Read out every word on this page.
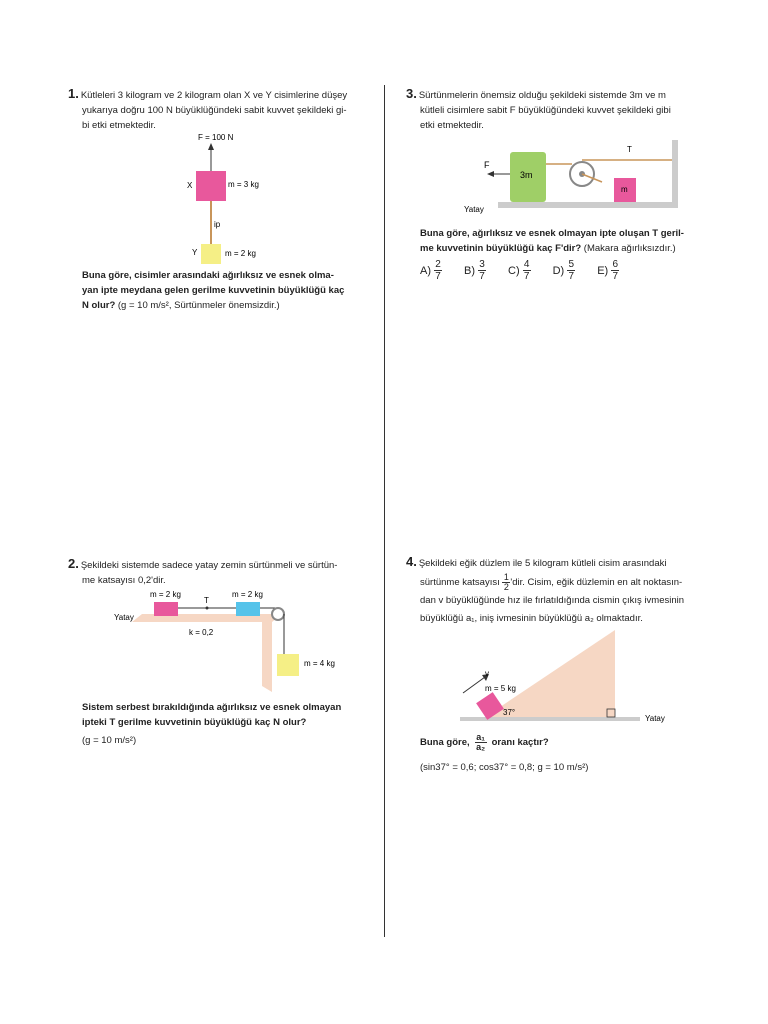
1. Kütleleri 3 kilogram ve 2 kilogram olan X ve Y cisimlerine düşey
yukarıya doğru 100 N büyüklüğündeki sabit kuvvet şekildeki gi-
bi etki etmektedir.
F = 100 N
X	m = 3 kg
ip
Y	m = 2 kg
Buna göre, cisimler arasındaki ağırlıksız ve esnek olma-
yan ipte meydana gelen gerilme kuvvetinin büyüklüğü kaç
N olur? (g = 10 m/s², Sürtünmeler önemsizdir.)
3. Sürtünmelerin önemsiz olduğu şekildeki sistemde 3m ve m
kütleli cisimlere sabit F büyüklüğündeki kuvvet şekildeki gibi
etki etmektedir.
3m
F
m
T
Yatay
Buna göre, ağırlıksız ve esnek olmayan ipte oluşan T geril-
me kuvvetinin büyüklüğü kaç F'dir? (Makara ağırlıksızdır.)
$A) \frac{2}{7} B) \frac{3}{7} C) \frac{4}{7} D) \frac{5}{7} E) \frac{6}{7}$
2. Şekildeki sistemde sadece yatay zemin sürtünmeli ve sürtün-
me katsayısı 0,2'dir.
m = 2 kg	m = 2 kg
T
m = 4 kg
Yatay
k = 0,2
Sistem serbest bırakıldığında ağırlıksız ve esnek olmayan
ipteki T gerilme kuvvetinin büyüklüğü kaç N olur?
(g = 10 m/s²)
4. Şekildeki eğik düzlem ile 5 kilogram kütleli cisim arasındaki
sürtünme katsayısı $\frac{1}{2}$ 'dir. Cisim, eğik düzlemin en alt noktasın-
dan v büyüklüğünde hız ile fırlatıldığında cismin çıkış ivmesinin
büyüklüğü a₁, iniş ivmesinin büyüklüğü a₂ olmaktadır.
v
m = 5 kg
37°
Yatay
Buna göre, $\frac{\text{a₁}}{\text{a₂}}$ oranı kaçtır?
(sin37° = 0,6; cos37° = 0,8; g = 10 m/s²)
